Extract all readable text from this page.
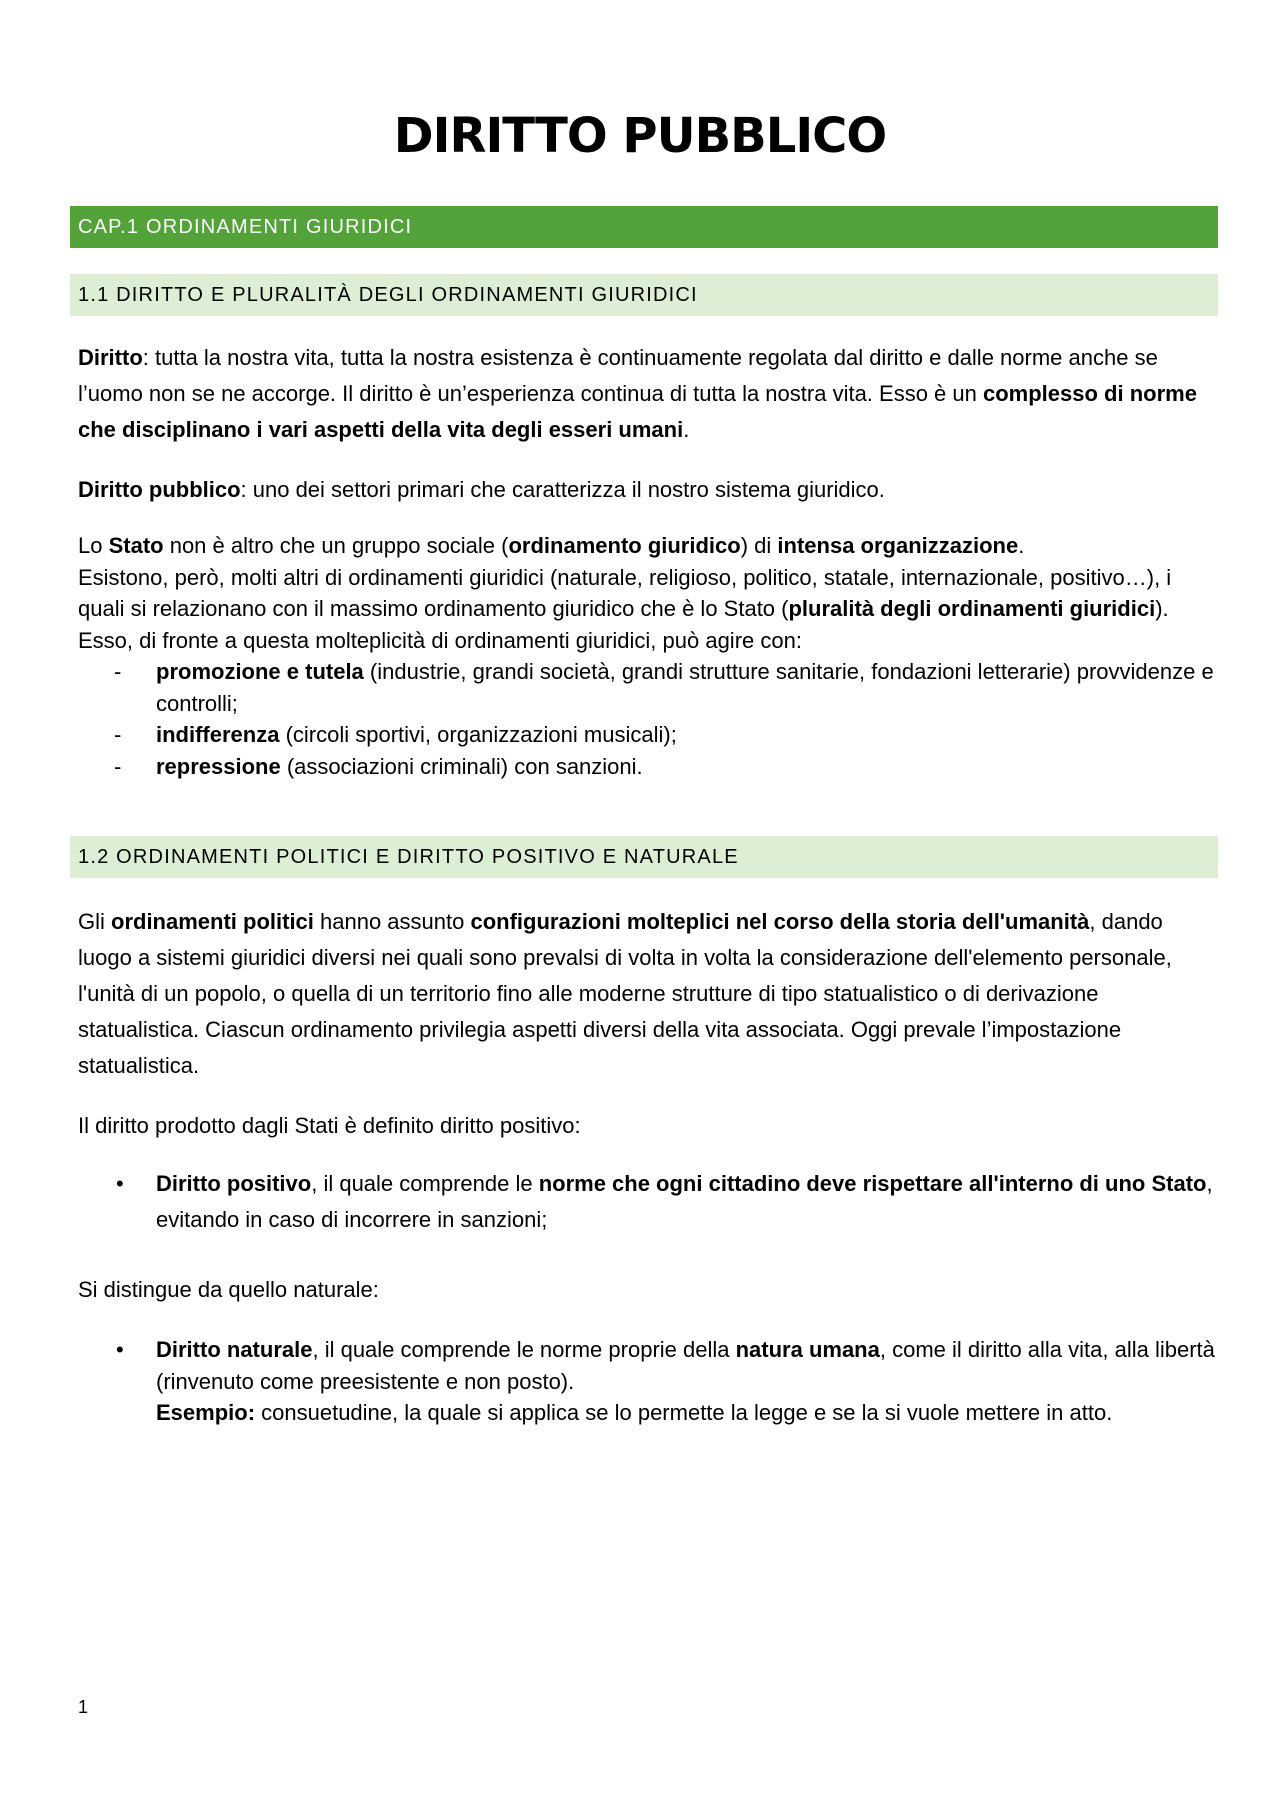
DIRITTO PUBBLICO
CAP.1 ORDINAMENTI GIURIDICI
1.1 DIRITTO E PLURALITÀ DEGLI ORDINAMENTI GIURIDICI

Diritto: tutta la nostra vita, tutta la nostra esistenza è continuamente regolata dal diritto e dalle norme anche se l’uomo non se ne accorge. Il diritto è un’esperienza continua di tutta la nostra vita. Esso è un complesso di norme che disciplinano i vari aspetti della vita degli esseri umani.

Diritto pubblico: uno dei settori primari che caratterizza il nostro sistema giuridico.

Lo Stato non è altro che un gruppo sociale (ordinamento giuridico) di intensa organizzazione.

Esistono, però, molti altri di ordinamenti giuridici (naturale, religioso, politico, statale, internazionale, positivo…), i quali si relazionano con il massimo ordinamento giuridico che è lo Stato (pluralità degli ordinamenti giuridici).

Esso, di fronte a questa molteplicità di ordinamenti giuridici, può agire con:

- promozione e tutela (industrie, grandi società, grandi strutture sanitarie, fondazioni letterarie) provvidenze e controlli;
- indifferenza (circoli sportivi, organizzazioni musicali);
- repressione (associazioni criminali) con sanzioni.
1.2 ORDINAMENTI POLITICI E DIRITTO POSITIVO E NATURALE

Gli ordinamenti politici hanno assunto configurazioni molteplici nel corso della storia dell'umanità, dando luogo a sistemi giuridici diversi nei quali sono prevalsi di volta in volta la considerazione dell'elemento personale, l'unità di un popolo, o quella di un territorio fino alle moderne strutture di tipo statualistico o di derivazione statualistica. Ciascun ordinamento privilegia aspetti diversi della vita associata. Oggi prevale l’impostazione statualistica.

Il diritto prodotto dagli Stati è definito diritto positivo:

• Diritto positivo, il quale comprende le norme che ogni cittadino deve rispettare all'interno di uno Stato, evitando in caso di incorrere in sanzioni;

Si distingue da quello naturale:

• Diritto naturale, il quale comprende le norme proprie della natura umana, come il diritto alla vita, alla libertà (rinvenuto come preesistente e non posto).
Esempio: consuetudine, la quale si applica se lo permette la legge e se la si vuole mettere in atto.

1
